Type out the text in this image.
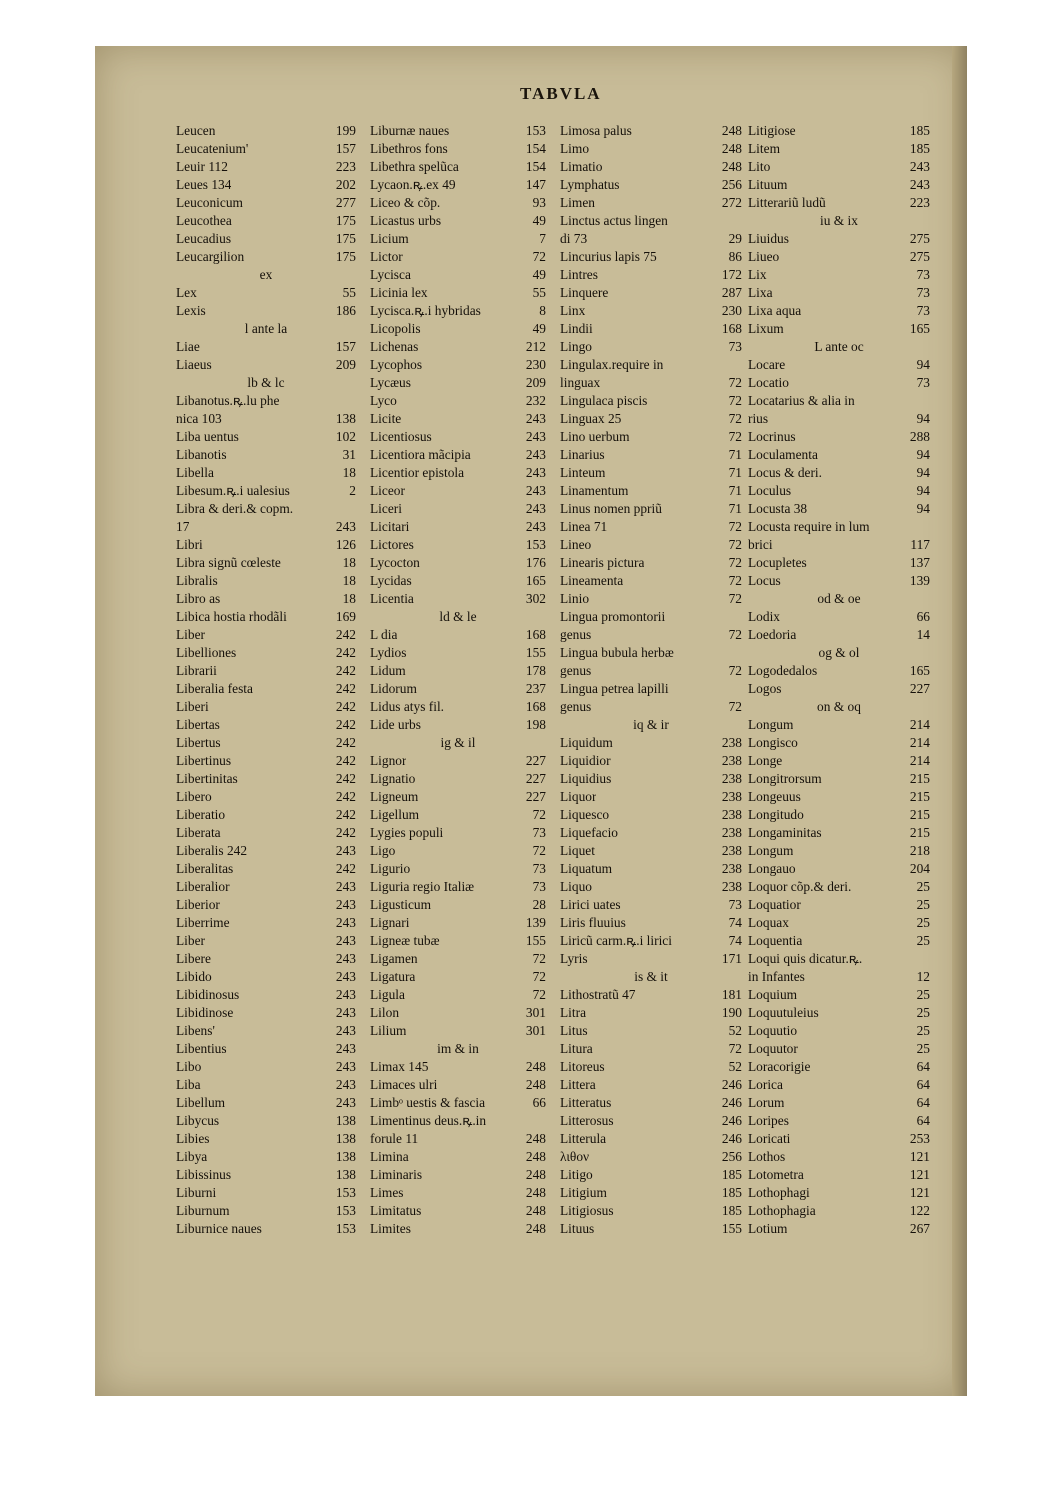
TABVLA
Leucen	199
Leucatenium'	157
Leuir 112	223
Leues 134	202
Leuconicum	277
Leucothea	175
Leucadius	175
Leucargilion	175
ex
Lex	55
Lexis	186
l ante la
Liae	157
Liaeus	209
lb & lc
Libanotus.ꝶ.lu phe
nica 103	138
Liba uentus	102
Libanotis	31
Libella	18
Libesum.ꝶ.i ualesius	2
Libra & deri.& copm.
17	243
Libri	126
Libra signũ cœleste	18
Libralis	18
Libro as	18
Libica hostia rhodãli	169
Liber	242
Libelliones	242
Librarii	242
Liberalia festa	242
Liberi	242
Libertas	242
Libertus	242
Libertinus	242
Libertinitas	242
Libero	242
Liberatio	242
Liberata	242
Liberalis 242	243
Liberalitas	242
Liberalior	243
Liberior	243
Liberrime	243
Liber	243
Libere	243
Libido	243
Libidinosus	243
Libidinose	243
Libens'	243
Libentius	243
Libo	243
Liba	243
Libellum	243
Libycus	138
Libies	138
Libya	138
Libissinus	138
Liburni	153
Liburnum	153
Liburnice naues	153
Liburnæ naues	153
Libethros fons	154
Libethra spelũca	154
Lycaon.ꝶ.ex 49	147
Liceo & cõp.	93
Licastus urbs	49
Licium	7
Lictor	72
Lycisca	49
Licinia lex	55
Lycisca.ꝶ.i hybridas	8
Licopolis	49
Lichenas	212
Lycophos	230
Lycæus	209
Lyco	232
Licite	243
Licentiosus	243
Licentiora mãcipia	243
Licentior epistola	243
Liceor	243
Liceri	243
Licitari	243
Lictores	153
Lycocton	176
Lycidas	165
Licentia	302
ld & le
L dia	168
Lydios	155
Lidum	178
Lidorum	237
Lidus atys fil.	168
Lide urbs	198
ig & il
Lignor	227
Lignatio	227
Ligneum	227
Ligellum	72
Lygies populi	73
Ligo	72
Ligurio	73
Liguria regio Italiæ	73
Ligusticum	28
Lignari	139
Ligneæ tubæ	155
Ligamen	72
Ligatura	72
Ligula	72
Lilon	301
Lilium	301
im & in
Limax 145	248
Limaces ulri	248
Limbᵒ uestis & fascia	66
Limentinus deus.ꝶ.in
forule 11	248
Limina	248
Liminaris	248
Limes	248
Limitatus	248
Limites	248
Limosa palus	248
Limo	248
Limatio	248
Lymphatus	256
Limen	272
Linctus actus lingen
di 73	29
Lincurius lapis 75	86
Lintres	172
Linquere	287
Linx	230
Lindii	168
Lingo	73
Lingulax.require in
linguax	72
Lingulaca piscis	72
Linguax 25	72
Lino uerbum	72
Linarius	71
Linteum	71
Linamentum	71
Linus nomen ppriũ	71
Linea 71	72
Lineo	72
Linearis pictura	72
Lineamenta	72
Linio	72
Lingua promontorii
genus	72
Lingua bubula herbæ
genus	72
Lingua petrea lapilli
genus	72
iq & ir
Liquidum	238
Liquidior	238
Liquidius	238
Liquor	238
Liquesco	238
Liquefacio	238
Liquet	238
Liquatum	238
Liquo	238
Lirici uates	73
Liris fluuius	74
Liricũ carm.ꝶ.i lirici	74
Lyris	171
is & it
Lithostratũ 47	181
Litra	190
Litus	52
Litura	72
Litoreus	52
Littera	246
Litteratus	246
Litterosus	246
Litterula	246
λιθον	256
Litigo	185
Litigium	185
Litigiosus	185
Lituus	155
Litigiose	185
Litem	185
Lito	243
Lituum	243
Litterariũ ludũ	223
iu & ix
Liuidus	275
Liueo	275
Lix	73
Lixa	73
Lixa aqua	73
Lixum	165
L ante oc
Locare	94
Locatio	73
Locatarius & alia in
rius	94
Locrinus	288
Loculamenta	94
Locus & deri.	94
Loculus	94
Locusta 38	94
Locusta require in lum
brici	117
Locupletes	137
Locus	139
od & oe
Lodix	66
Loedoria	14
og & ol
Logodedalos	165
Logos	227
on & oq
Longum	214
Longisco	214
Longe	214
Longitrorsum	215
Longeuus	215
Longitudo	215
Longaminitas	215
Longum	218
Longauo	204
Loquor cõp.& deri.	25
Loquatior	25
Loquax	25
Loquentia	25
Loqui quis dicatur.ꝶ.
in Infantes	12
Loquium	25
Loquutuleius	25
Loquutio	25
Loquutor	25
Loracorigie	64
Lorica	64
Lorum	64
Loripes	64
Loricati	253
Lothos	121
Lotometra	121
Lothophagi	121
Lothophagia	122
Lotium	267
